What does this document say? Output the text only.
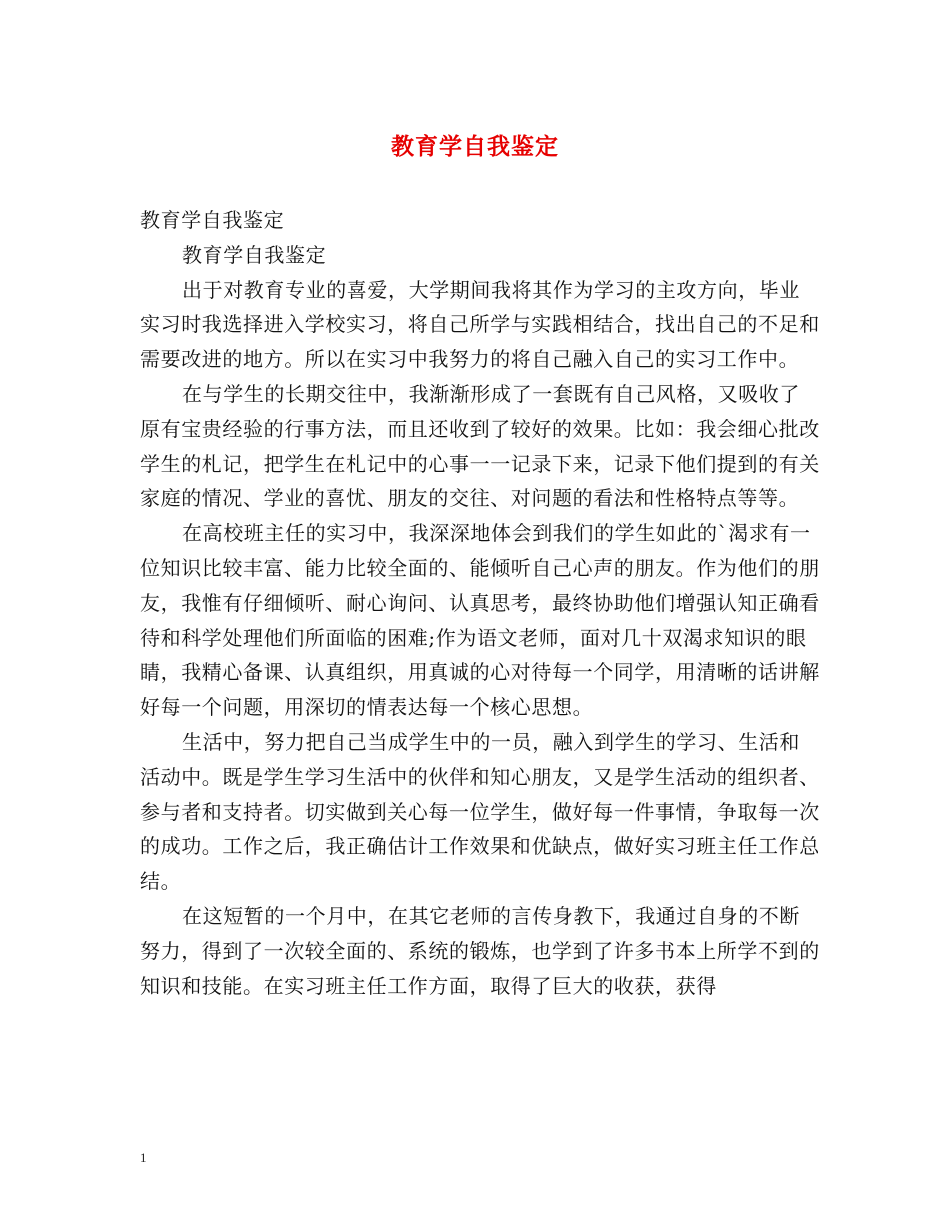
教育学自我鉴定

教育学自我鉴定

教育学自我鉴定

出于对教育专业的喜爱，大学期间我将其作为学习的主攻方向，毕业实习时我选择进入学校实习，将自己所学与实践相结合，找出自己的不足和需要改进的地方。所以在实习中我努力的将自己融入自己的实习工作中。

在与学生的长期交往中，我渐渐形成了一套既有自己风格，又吸收了原有宝贵经验的行事方法，而且还收到了较好的效果。比如：我会细心批改学生的札记，把学生在札记中的心事一一记录下来，记录下他们提到的有关家庭的情况、学业的喜忧、朋友的交往、对问题的看法和性格特点等等。

在高校班主任的实习中，我深深地体会到我们的学生如此的`渴求有一位知识比较丰富、能力比较全面的、能倾听自己心声的朋友。作为他们的朋友，我惟有仔细倾听、耐心询问、认真思考，最终协助他们增强认知正确看待和科学处理他们所面临的困难;作为语文老师，面对几十双渴求知识的眼睛，我精心备课、认真组织，用真诚的心对待每一个同学，用清晰的话讲解好每一个问题，用深切的情表达每一个核心思想。

生活中，努力把自己当成学生中的一员，融入到学生的学习、生活和活动中。既是学生学习生活中的伙伴和知心朋友，又是学生活动的组织者、参与者和支持者。切实做到关心每一位学生，做好每一件事情，争取每一次的成功。工作之后，我正确估计工作效果和优缺点，做好实习班主任工作总结。

在这短暂的一个月中，在其它老师的言传身教下，我通过自身的不断努力，得到了一次较全面的、系统的锻炼，也学到了许多书本上所学不到的知识和技能。在实习班主任工作方面，取得了巨大的收获，获得

1
